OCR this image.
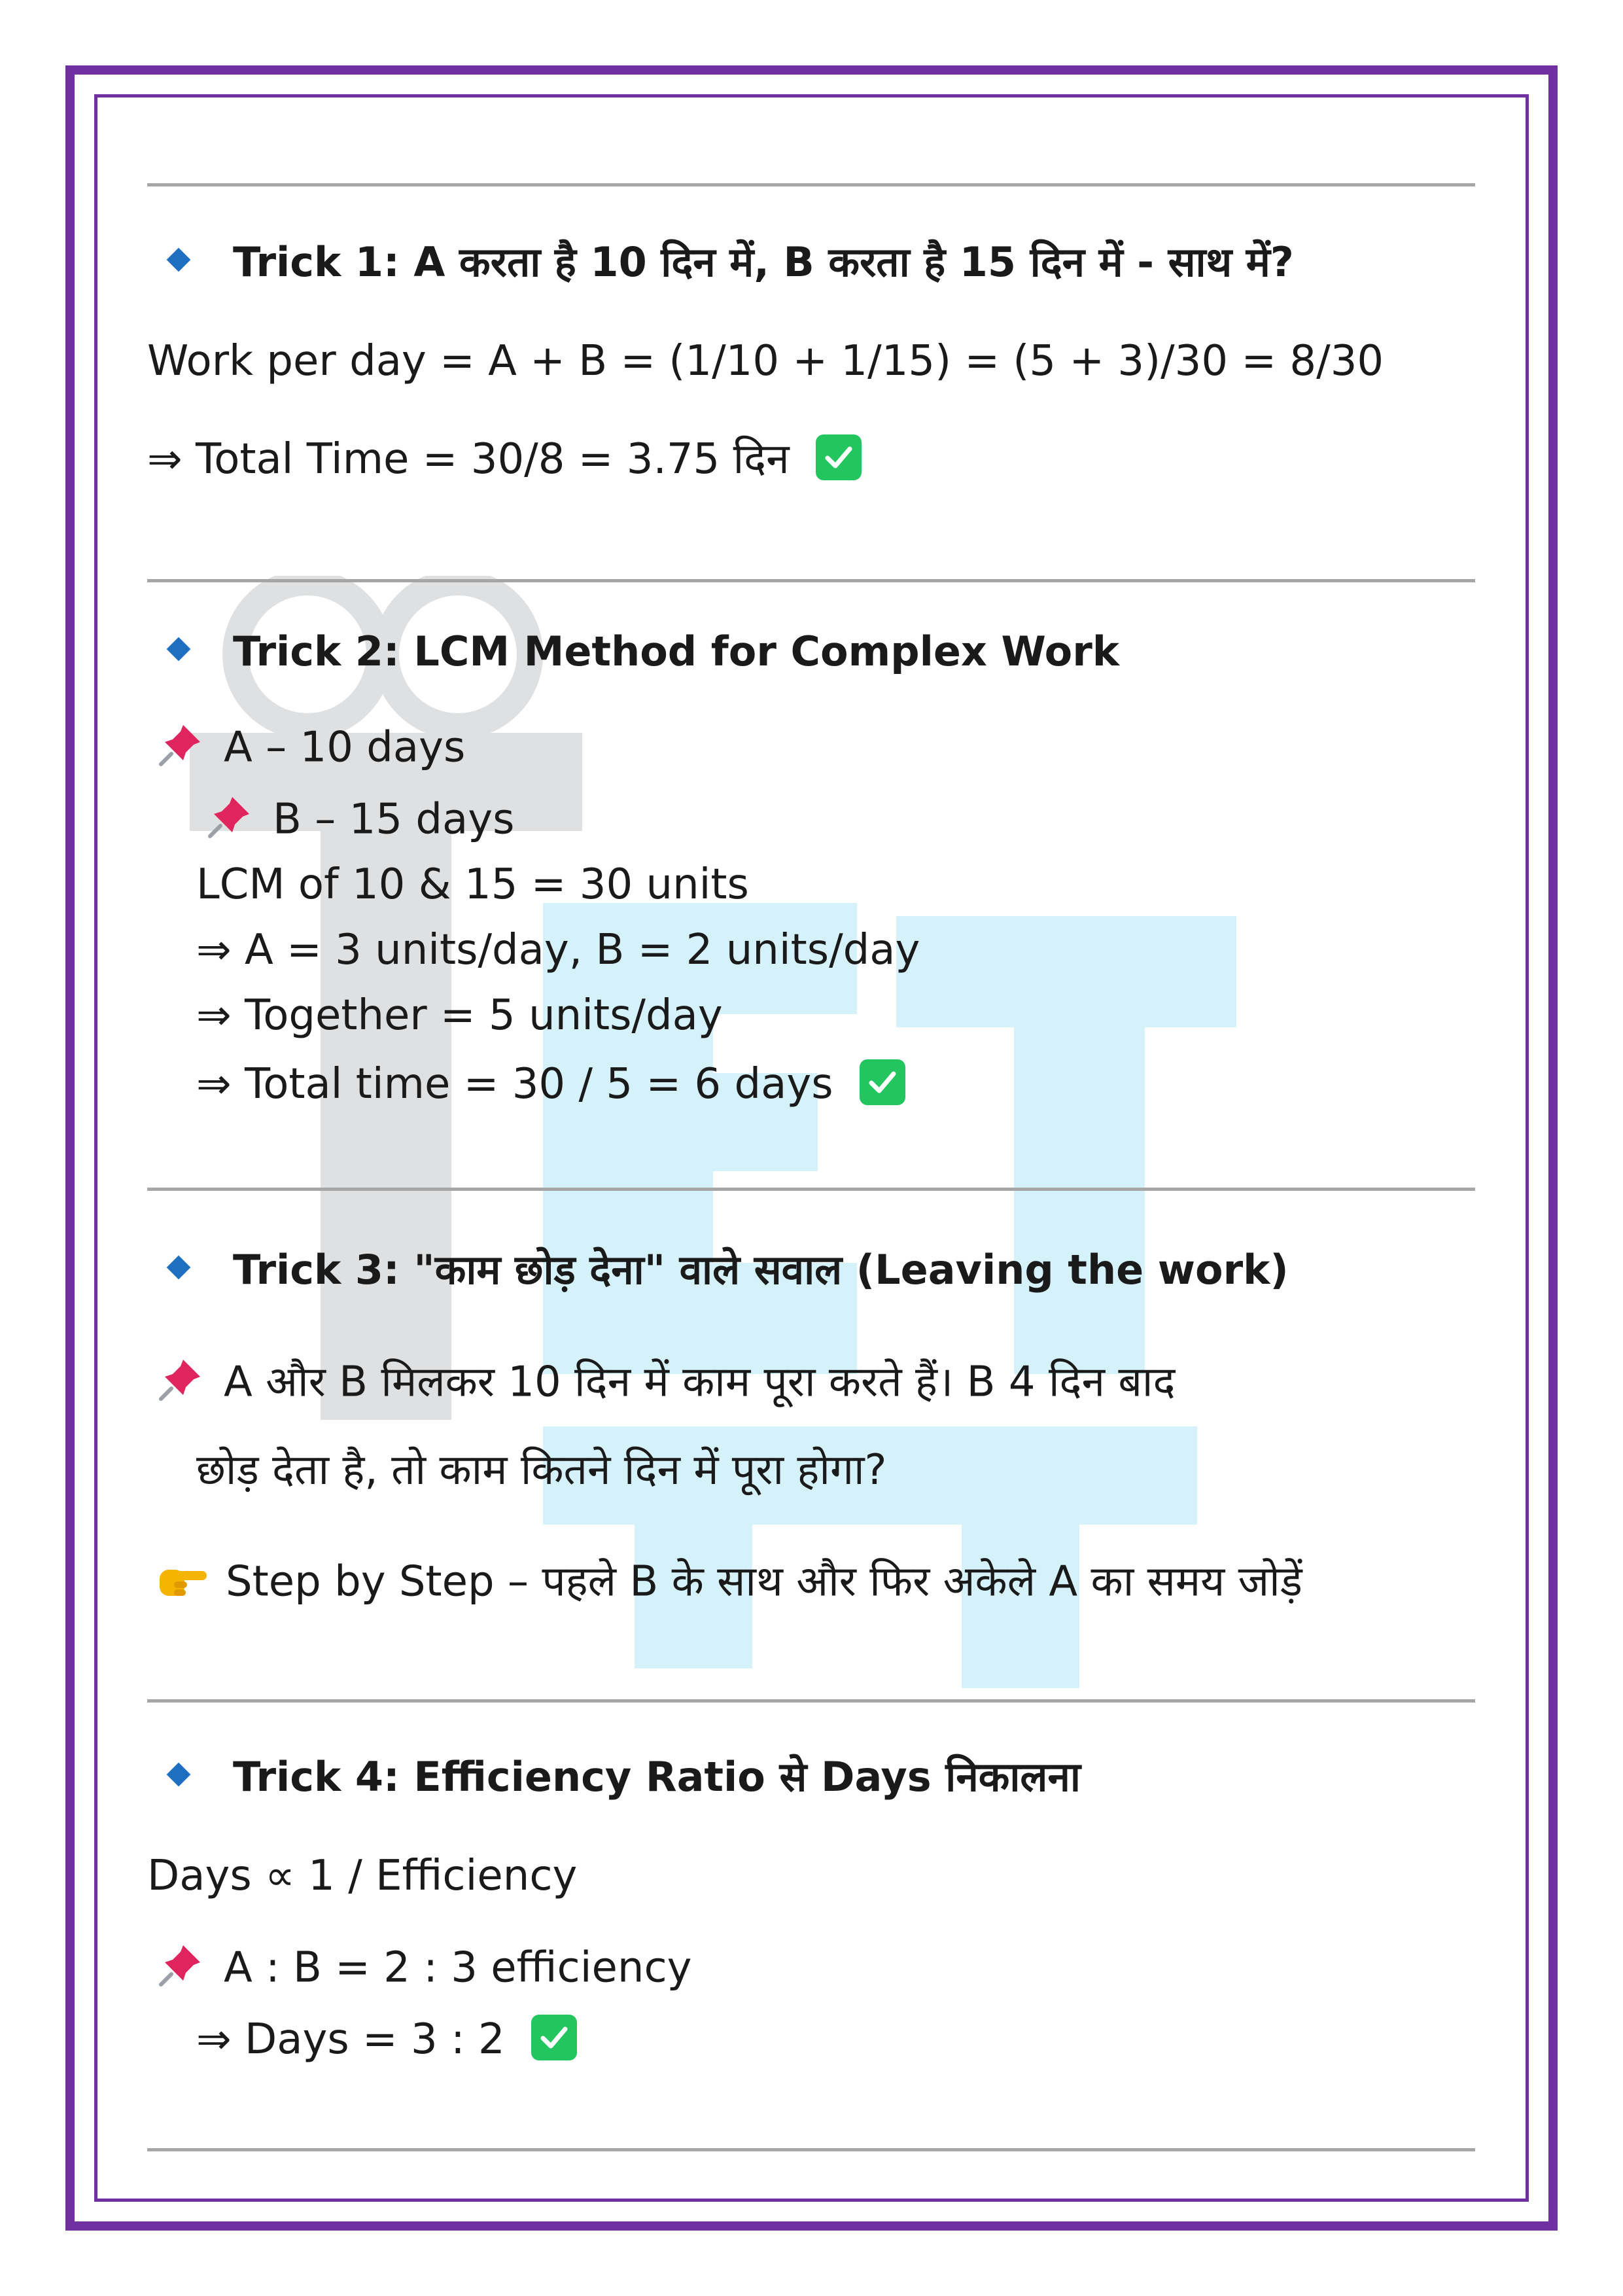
Trick 1: A करता है 10 दिन में, B करता है 15 दिन में - साथ में?
Work per day = A + B = (1/10 + 1/15) = (5 + 3)/30 = 8/30
⇒ Total Time = 30/8 = 3.75 दिन
Trick 2: LCM Method for Complex Work
A – 10 days
B – 15 days
LCM of 10 & 15 = 30 units
⇒ A = 3 units/day, B = 2 units/day
⇒ Together = 5 units/day
⇒ Total time = 30 / 5 = 6 days
Trick 3: "काम छोड़ देना" वाले सवाल (Leaving the work)
A और B मिलकर 10 दिन में काम पूरा करते हैं। B 4 दिन बाद
छोड़ देता है, तो काम कितने दिन में पूरा होगा?
Step by Step – पहले B के साथ और फिर अकेले A का समय जोड़ें
Trick 4: Efficiency Ratio से Days निकालना
Days ∝ 1 / Efficiency
A : B = 2 : 3 efficiency
⇒ Days = 3 : 2
